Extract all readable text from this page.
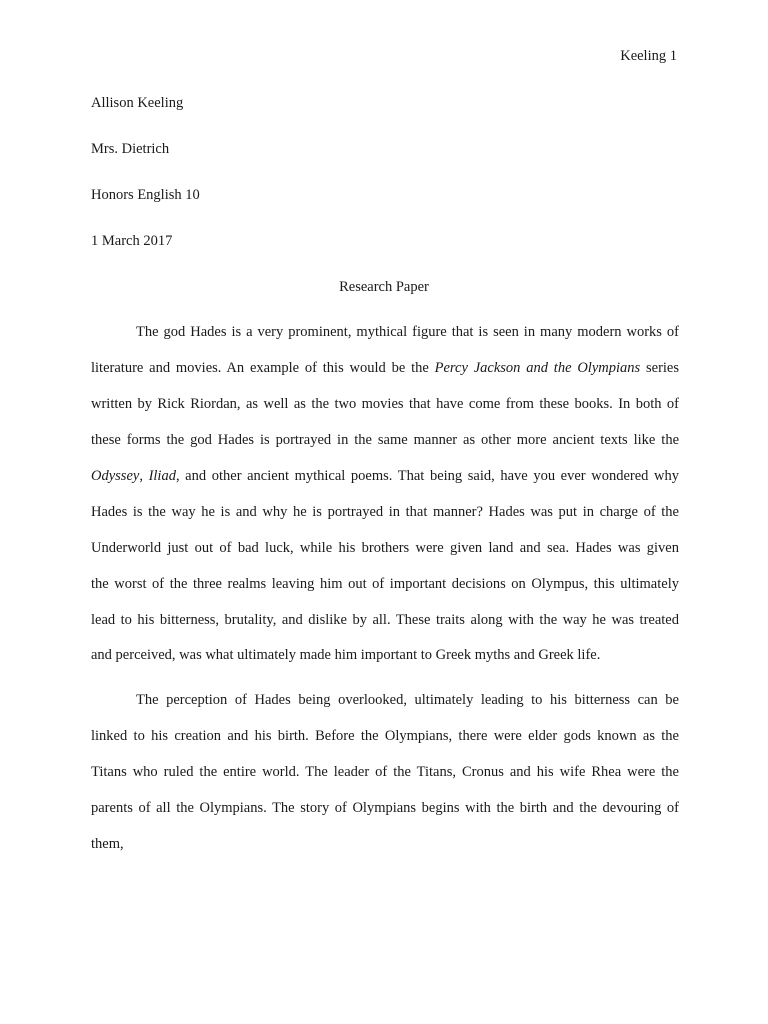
Keeling 1
Allison Keeling
Mrs. Dietrich
Honors English 10
1 March 2017
Research Paper
The god Hades is a very prominent, mythical figure that is seen in many modern works of
literature and movies. An example of this would be the Percy Jackson and the Olympians series
written by Rick Riordan, as well as the two movies that have come from these books. In both of
these forms the god Hades is portrayed in the same manner as other more ancient texts like the
Odyssey, Iliad, and other ancient mythical poems. That being said, have you ever wondered why
Hades is the way he is and why he is portrayed in that manner? Hades was put in charge of the
Underworld just out of bad luck, while his brothers were given land and sea. Hades was given
the worst of the three realms leaving him out of important decisions on Olympus, this ultimately
lead to his bitterness, brutality, and dislike by all. These traits along with the way he was treated
and perceived, was what ultimately made him important to Greek myths and Greek life.
The perception of Hades being overlooked, ultimately leading to his bitterness can be
linked to his creation and his birth. Before the Olympians, there were elder gods known as the
Titans who ruled the entire world. The leader of the Titans, Cronus and his wife Rhea were the
parents of all the Olympians. The story of Olympians begins with the birth and the devouring of
them,
